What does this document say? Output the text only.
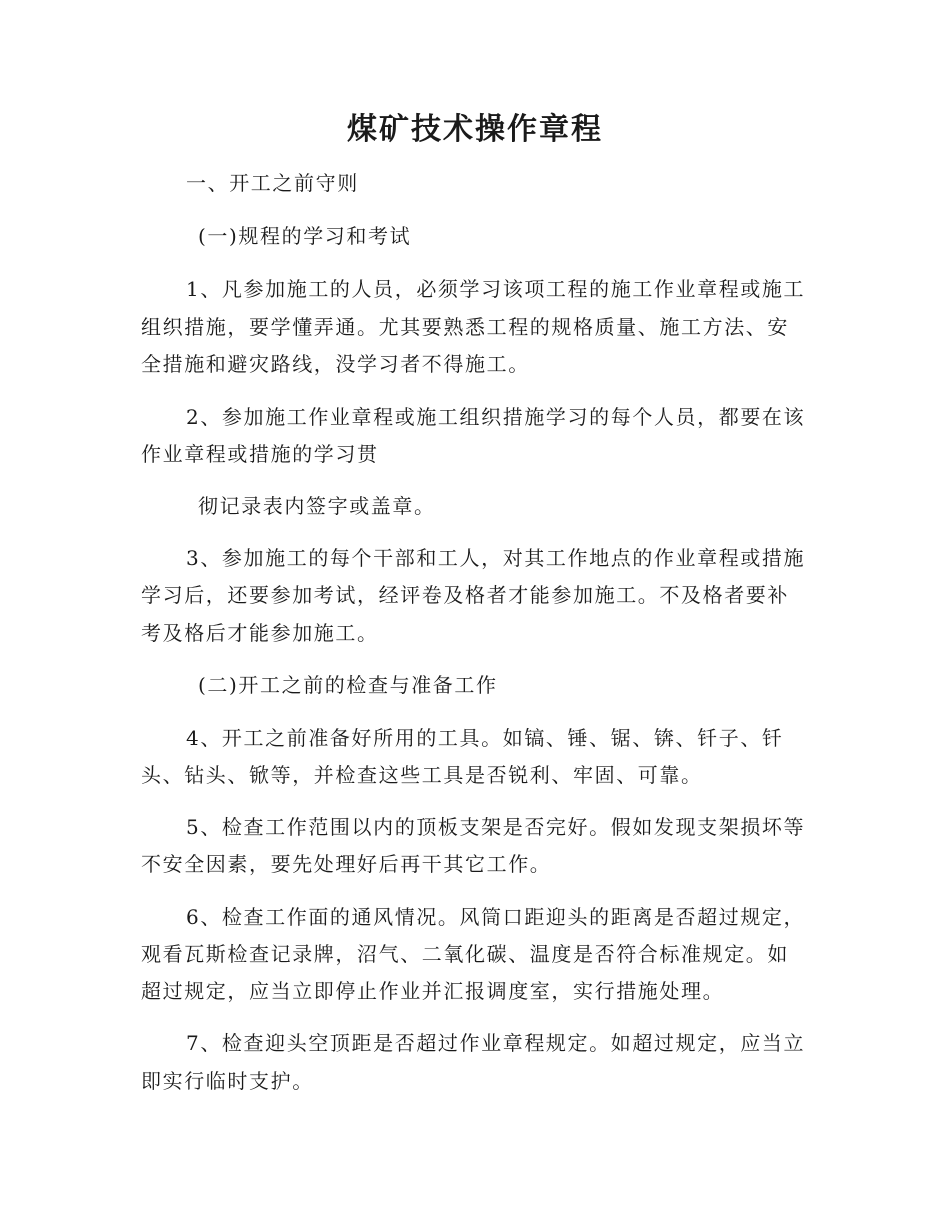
煤矿技术操作章程
一、开工之前守则
(一)规程的学习和考试
1、凡参加施工的人员，必须学习该项工程的施工作业章程或施工
组织措施，要学懂弄通。尤其要熟悉工程的规格质量、施工方法、安
全措施和避灾路线，没学习者不得施工。
2、参加施工作业章程或施工组织措施学习的每个人员，都要在该
作业章程或措施的学习贯
彻记录表内签字或盖章。
3、参加施工的每个干部和工人，对其工作地点的作业章程或措施
学习后，还要参加考试，经评卷及格者才能参加施工。不及格者要补
考及格后才能参加施工。
(二)开工之前的检查与准备工作
4、开工之前准备好所用的工具。如镐、锤、锯、锛、钎子、钎
头、钻头、锨等，并检查这些工具是否锐利、牢固、可靠。
5、检查工作范围以内的顶板支架是否完好。假如发现支架损坏等
不安全因素，要先处理好后再干其它工作。
6、检查工作面的通风情况。风筒口距迎头的距离是否超过规定，
观看瓦斯检查记录牌，沼气、二氧化碳、温度是否符合标准规定。如
超过规定，应当立即停止作业并汇报调度室，实行措施处理。
7、检查迎头空顶距是否超过作业章程规定。如超过规定，应当立
即实行临时支护。
